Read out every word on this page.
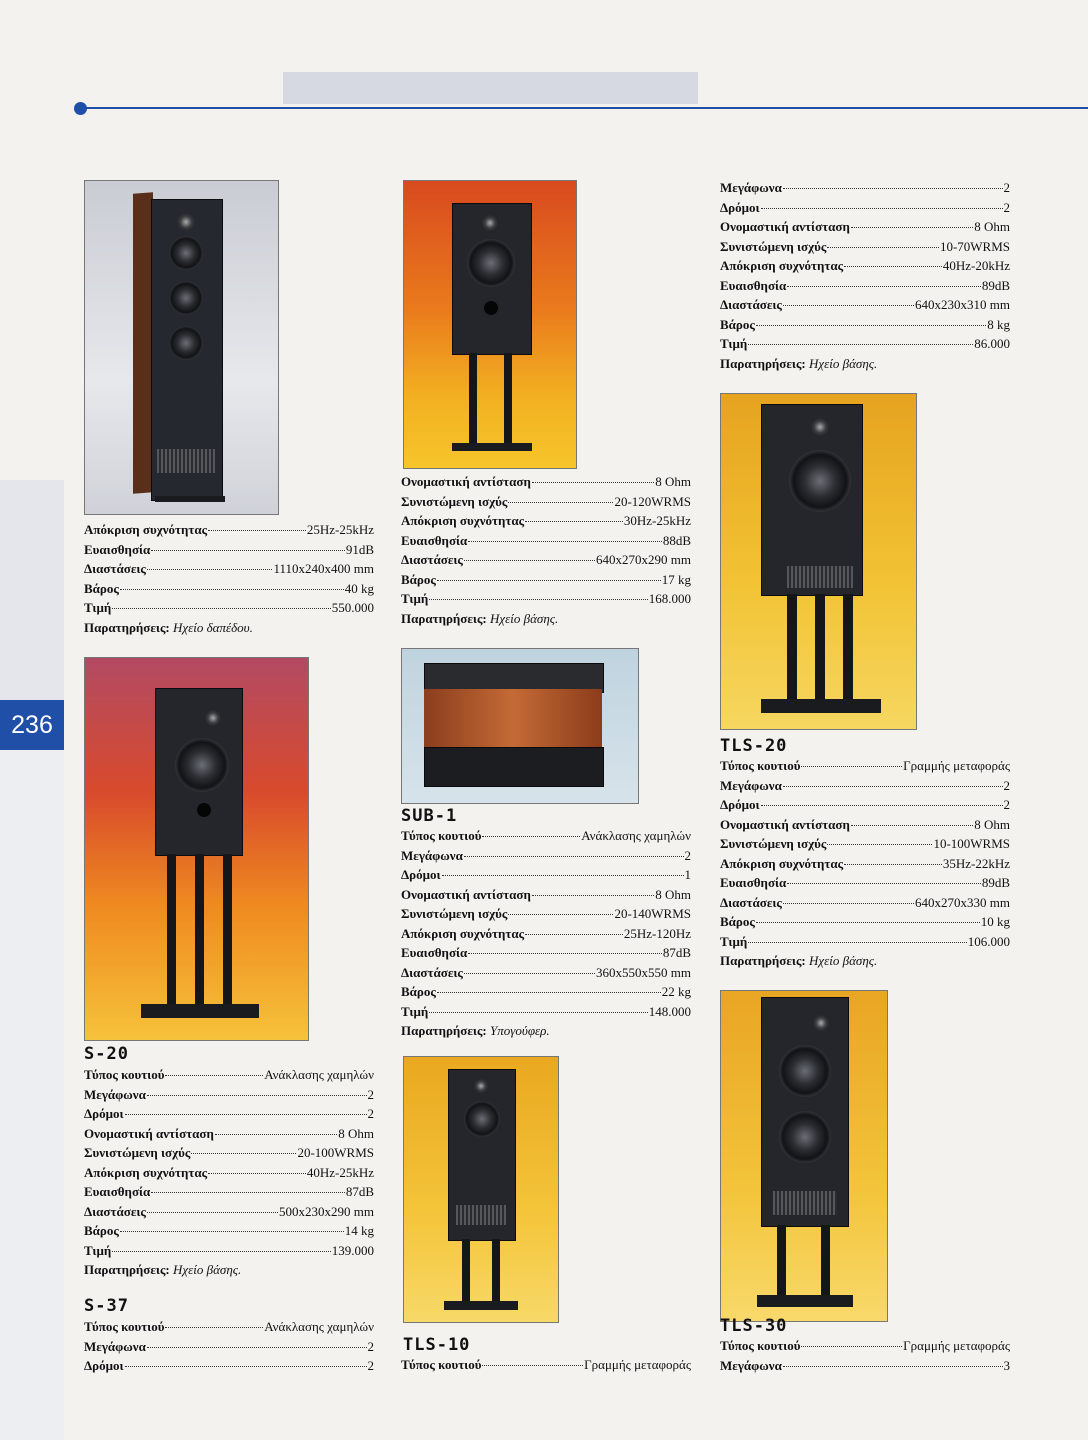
236
Απόκριση συχνότητας	25Hz-25kHz
Ευαισθησία	91dB
Διαστάσεις	1110x240x400 mm
Βάρος	40 kg
Τιμή	550.000
Παρατηρήσεις: Ηχείο δαπέδου.
S-20
Τύπος κουτιού	Ανάκλασης χαμηλών
Μεγάφωνα	2
Δρόμοι	2
Ονομαστική αντίσταση	8 Ohm
Συνιστώμενη ισχύς	20-100WRMS
Απόκριση συχνότητας	40Hz-25kHz
Ευαισθησία	87dB
Διαστάσεις	500x230x290 mm
Βάρος	14 kg
Τιμή	139.000
Παρατηρήσεις: Ηχείο βάσης.
S-37
Τύπος κουτιού	Ανάκλασης χαμηλών
Μεγάφωνα	2
Δρόμοι	2
Ονομαστική αντίσταση	8 Ohm
Συνιστώμενη ισχύς	20-120WRMS
Απόκριση συχνότητας	30Hz-25kHz
Ευαισθησία	88dB
Διαστάσεις	640x270x290 mm
Βάρος	17 kg
Τιμή	168.000
Παρατηρήσεις: Ηχείο βάσης.
SUB-1
Τύπος κουτιού	Ανάκλασης χαμηλών
Μεγάφωνα	2
Δρόμοι	1
Ονομαστική αντίσταση	8 Ohm
Συνιστώμενη ισχύς	20-140WRMS
Απόκριση συχνότητας	25Hz-120Hz
Ευαισθησία	87dB
Διαστάσεις	360x550x550 mm
Βάρος	22 kg
Τιμή	148.000
Παρατηρήσεις: Υπογούφερ.
TLS-10
Τύπος κουτιού	Γραμμής μεταφοράς
Μεγάφωνα	2
Δρόμοι	2
Ονομαστική αντίσταση	8 Ohm
Συνιστώμενη ισχύς	10-70WRMS
Απόκριση συχνότητας	40Hz-20kHz
Ευαισθησία	89dB
Διαστάσεις	640x230x310 mm
Βάρος	8 kg
Τιμή	86.000
Παρατηρήσεις: Ηχείο βάσης.
TLS-20
Τύπος κουτιού	Γραμμής μεταφοράς
Μεγάφωνα	2
Δρόμοι	2
Ονομαστική αντίσταση	8 Ohm
Συνιστώμενη ισχύς	10-100WRMS
Απόκριση συχνότητας	35Hz-22kHz
Ευαισθησία	89dB
Διαστάσεις	640x270x330 mm
Βάρος	10 kg
Τιμή	106.000
Παρατηρήσεις: Ηχείο βάσης.
TLS-30
Τύπος κουτιού	Γραμμής μεταφοράς
Μεγάφωνα	3
